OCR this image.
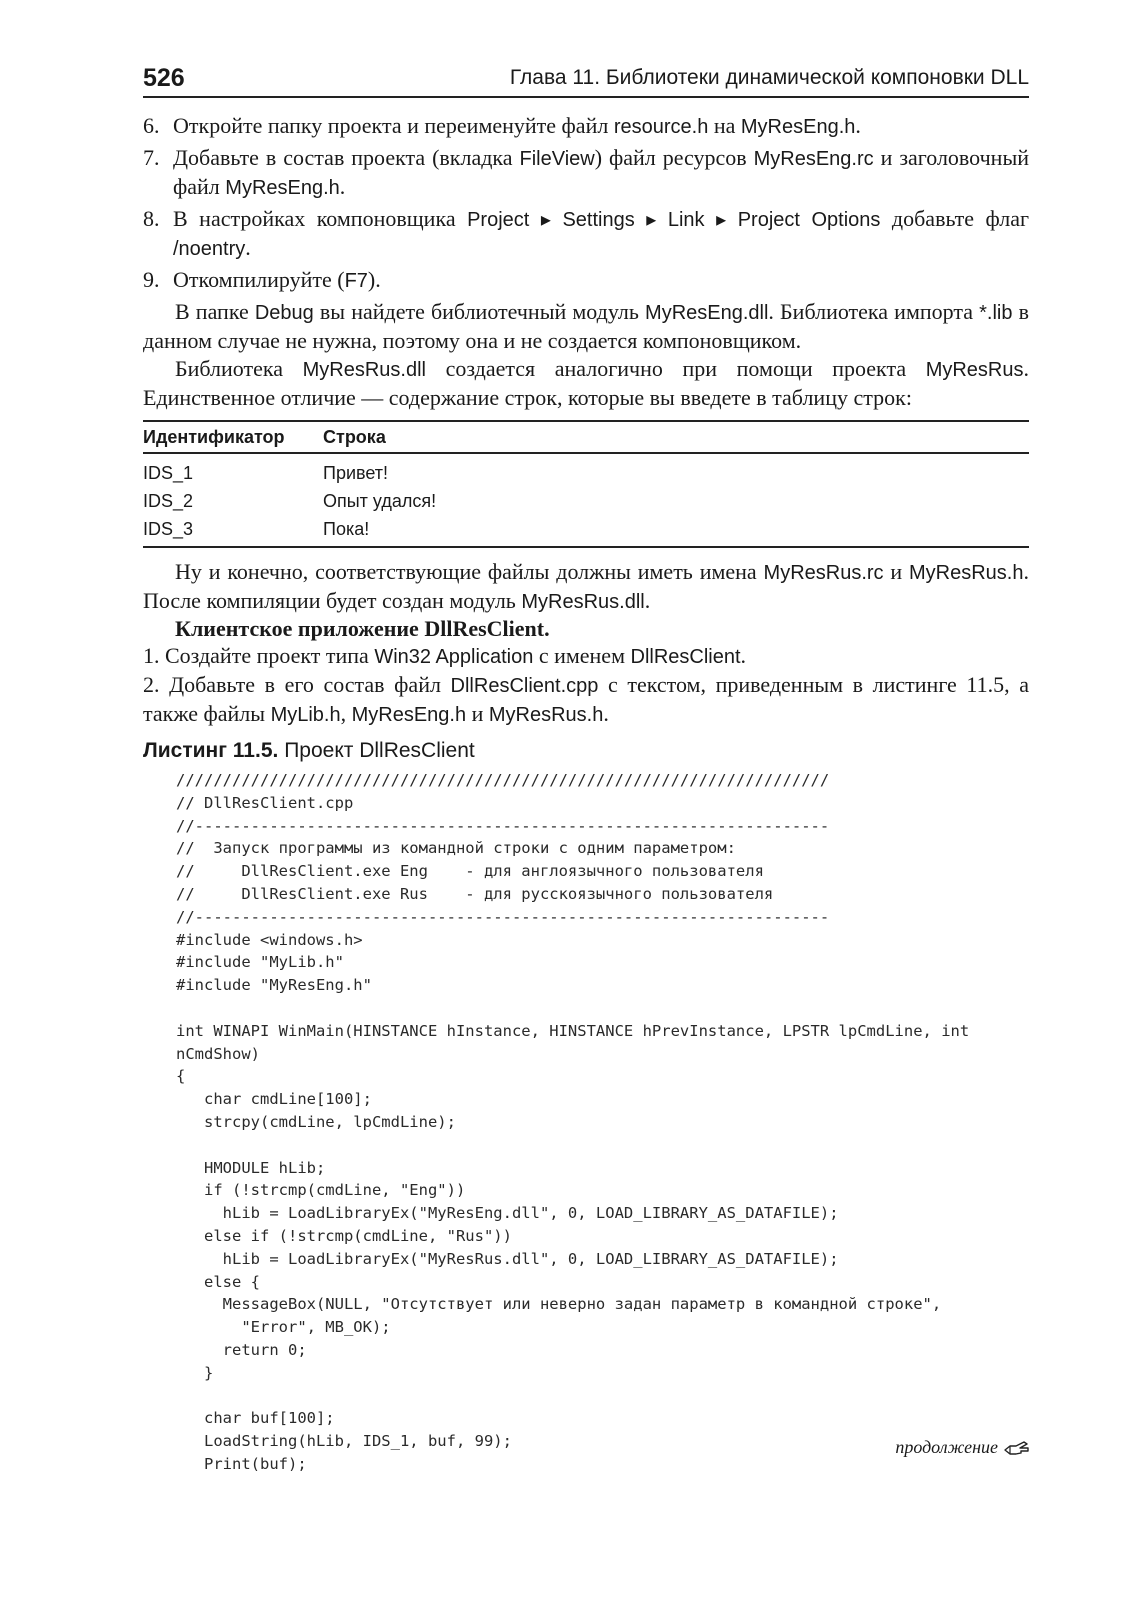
526	Глава 11. Библиотеки динамической компоновки DLL
6. Откройте папку проекта и переименуйте файл resource.h на MyResEng.h.
7. Добавьте в состав проекта (вкладка FileView) файл ресурсов MyResEng.rc и заголовочный файл MyResEng.h.
8. В настройках компоновщика Project ▸ Settings ▸ Link ▸ Project Options добавьте флаг /noentry.
9. Откомпилируйте (F7).
В папке Debug вы найдете библиотечный модуль MyResEng.dll. Библиотека импорта *.lib в данном случае не нужна, поэтому она и не создается компоновщиком.
Библиотека MyResRus.dll создается аналогично при помощи проекта MyResRus. Единственное отличие — содержание строк, которые вы введете в таблицу строк:
Идентификатор	Строка
IDS_1	Привет!
IDS_2	Опыт удался!
IDS_3	Пока!
Ну и конечно, соответствующие файлы должны иметь имена MyResRus.rc и MyResRus.h. После компиляции будет создан модуль MyResRus.dll.
Клиентское приложение DllResClient.
1. Создайте проект типа Win32 Application с именем DllResClient.
2. Добавьте в его состав файл DllResClient.cpp с текстом, приведенным в листинге 11.5, а также файлы MyLib.h, MyResEng.h и MyResRus.h.
Листинг 11.5. Проект DllResClient
//////////////////////////////////////////////////////////////////////
// DllResClient.cpp
//--------------------------------------------------------------------
//  Запуск программы из командной строки с одним параметром:
//     DllResClient.exe Eng    - для англоязычного пользователя
//     DllResClient.exe Rus    - для русскоязычного пользователя
//--------------------------------------------------------------------
#include <windows.h>
#include "MyLib.h"
#include "MyResEng.h"

int WINAPI WinMain(HINSTANCE hInstance, HINSTANCE hPrevInstance, LPSTR lpCmdLine, int
nCmdShow)
{
char cmdLine[100];
strcpy(cmdLine, lpCmdLine);

HMODULE hLib;
if (!strcmp(cmdLine, "Eng"))
hLib = LoadLibraryEx("MyResEng.dll", 0, LOAD_LIBRARY_AS_DATAFILE);
else if (!strcmp(cmdLine, "Rus"))
hLib = LoadLibraryEx("MyResRus.dll", 0, LOAD_LIBRARY_AS_DATAFILE);
else {
MessageBox(NULL, "Отсутствует или неверно задан параметр в командной строке",
"Error", MB_OK);
return 0;
}

char buf[100];
LoadString(hLib, IDS_1, buf, 99);
Print(buf);
продолжение
